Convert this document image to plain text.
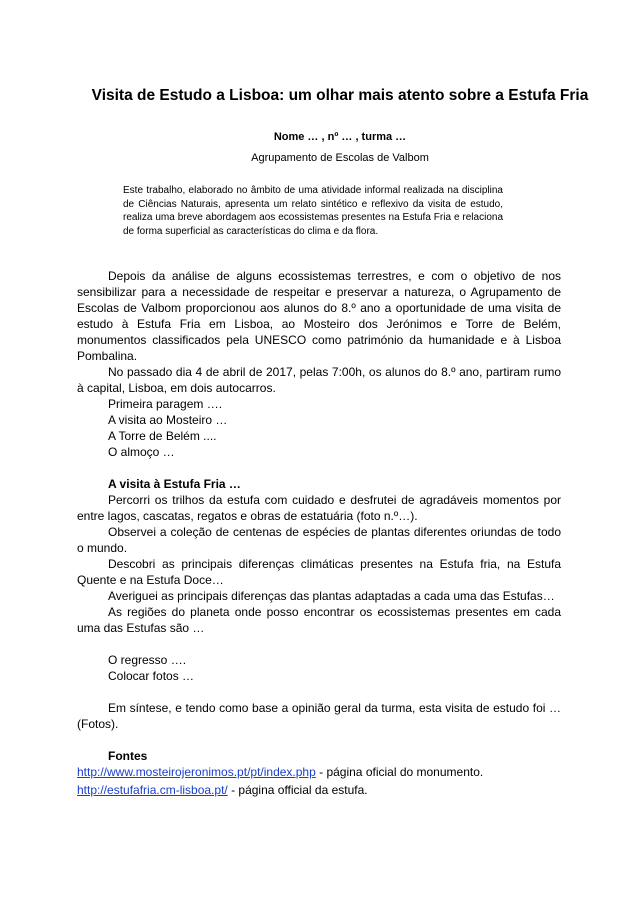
Visita de Estudo a Lisboa: um olhar mais atento sobre a Estufa Fria
Nome … , nº … , turma …
Agrupamento de Escolas de Valbom
Este trabalho, elaborado no âmbito de uma atividade informal realizada na disciplina de Ciências Naturais, apresenta um relato sintético e reflexivo da visita de estudo, realiza uma breve abordagem aos ecossistemas presentes na Estufa Fria e relaciona de forma superficial as características do clima e da flora.

Depois da análise de alguns ecossistemas terrestres, e com o objetivo de nos sensibilizar para a necessidade de respeitar e preservar a natureza, o Agrupamento de Escolas de Valbom proporcionou aos alunos do 8.º ano a oportunidade de uma visita de estudo à Estufa Fria em Lisboa, ao Mosteiro dos Jerónimos e Torre de Belém, monumentos classificados pela UNESCO como património da humanidade e à Lisboa Pombalina.

No passado dia 4 de abril de 2017, pelas 7:00h, os alunos do 8.º ano, partiram rumo à capital, Lisboa, em dois autocarros.

Primeira paragem ….

A visita ao Mosteiro …

A Torre de Belém ....

O almoço …

A visita à Estufa Fria …

Percorri os trilhos da estufa com cuidado e desfrutei de agradáveis momentos por entre lagos, cascatas, regatos e obras de estatuária (foto n.º…).

Observei a coleção de centenas de espécies de plantas diferentes oriundas de todo o mundo.

Descobri as principais diferenças climáticas presentes na Estufa fria, na Estufa Quente e na Estufa Doce…

Averiguei as principais diferenças das plantas adaptadas a cada uma das Estufas…

As regiões do planeta onde posso encontrar os ecossistemas presentes em cada uma das Estufas são …

O regresso ….

Colocar fotos …

Em síntese, e tendo como base a opinião geral da turma, esta visita de estudo foi …(Fotos).

Fontes

http://www.mosteirojeronimos.pt/pt/index.php - página oficial do monumento.

http://estufafria.cm-lisboa.pt/ - página official da estufa.
